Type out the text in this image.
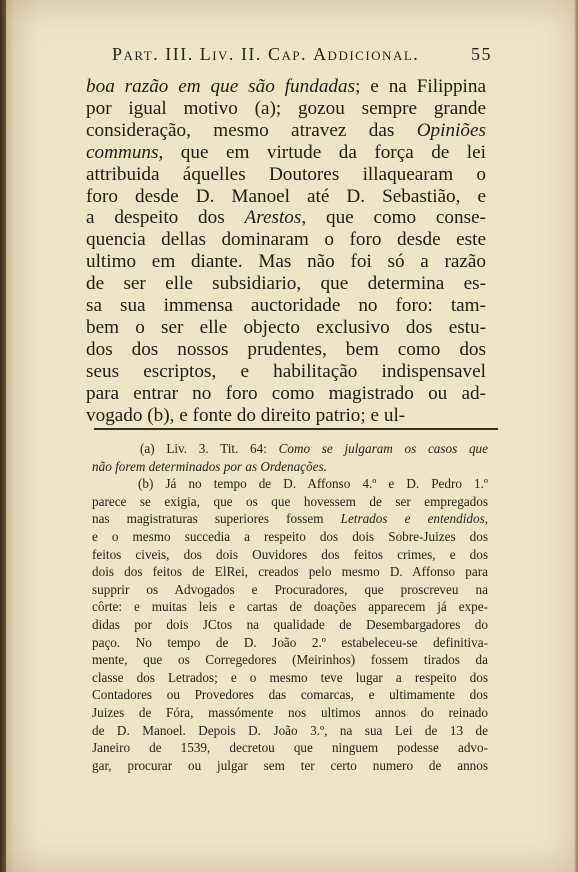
Part. III. Liv. II. Cap. Addicional.	55
boa razão em que são fundadas; e na Filippina
por igual motivo (a); gozou sempre grande
consideração, mesmo atravez das Opiniões
communs, que em virtude da força de lei
attribuida áquelles Doutores illaquearam o
foro desde D. Manoel até D. Sebastião, e
a despeito dos Arestos, que como conse-
quencia dellas dominaram o foro desde este
ultimo em diante. Mas não foi só a razão
de ser elle subsidiario, que determina es-
sa sua immensa auctoridade no foro: tam-
bem o ser elle objecto exclusivo dos estu-
dos dos nossos prudentes, bem como dos
seus escriptos, e habilitação indispensavel
para entrar no foro como magistrado ou ad-
vogado (b), e fonte do direito patrio; e ul-
(a) Liv. 3. Tit. 64: Como se julgaram os casos que
não forem determinados por as Ordenações.
(b) Já no tempo de D. Affonso 4.º e D. Pedro 1.º
parece se exigia, que os que hovessem de ser empregados
nas magistraturas superiores fossem Letrados e entendidos,
e o mesmo succedia a respeito dos dois Sobre-Juizes dos
feitos civeis, dos dois Ouvidores dos feitos crimes, e dos
dois dos feitos de ElRei, creados pelo mesmo D. Affonso para
supprir os Advogados e Procuradores, que proscreveu na
côrte: e muitas leis e cartas de doações apparecem já expe-
didas por dois JCtos na qualidade de Desembargadores do
paço. No tempo de D. João 2.º estabeleceu-se definitiva-
mente, que os Corregedores (Meirinhos) fossem tirados da
classe dos Letrados; e o mesmo teve lugar a respeito dos
Contadores ou Provedores das comarcas, e ultimamente dos
Juizes de Fóra, massómente nos ultimos annos do reinado
de D. Manoel. Depois D. João 3.º, na sua Lei de 13 de
Janeiro de 1539, decretou que ninguem podesse advo-
gar, procurar ou julgar sem ter certo numero de annos
